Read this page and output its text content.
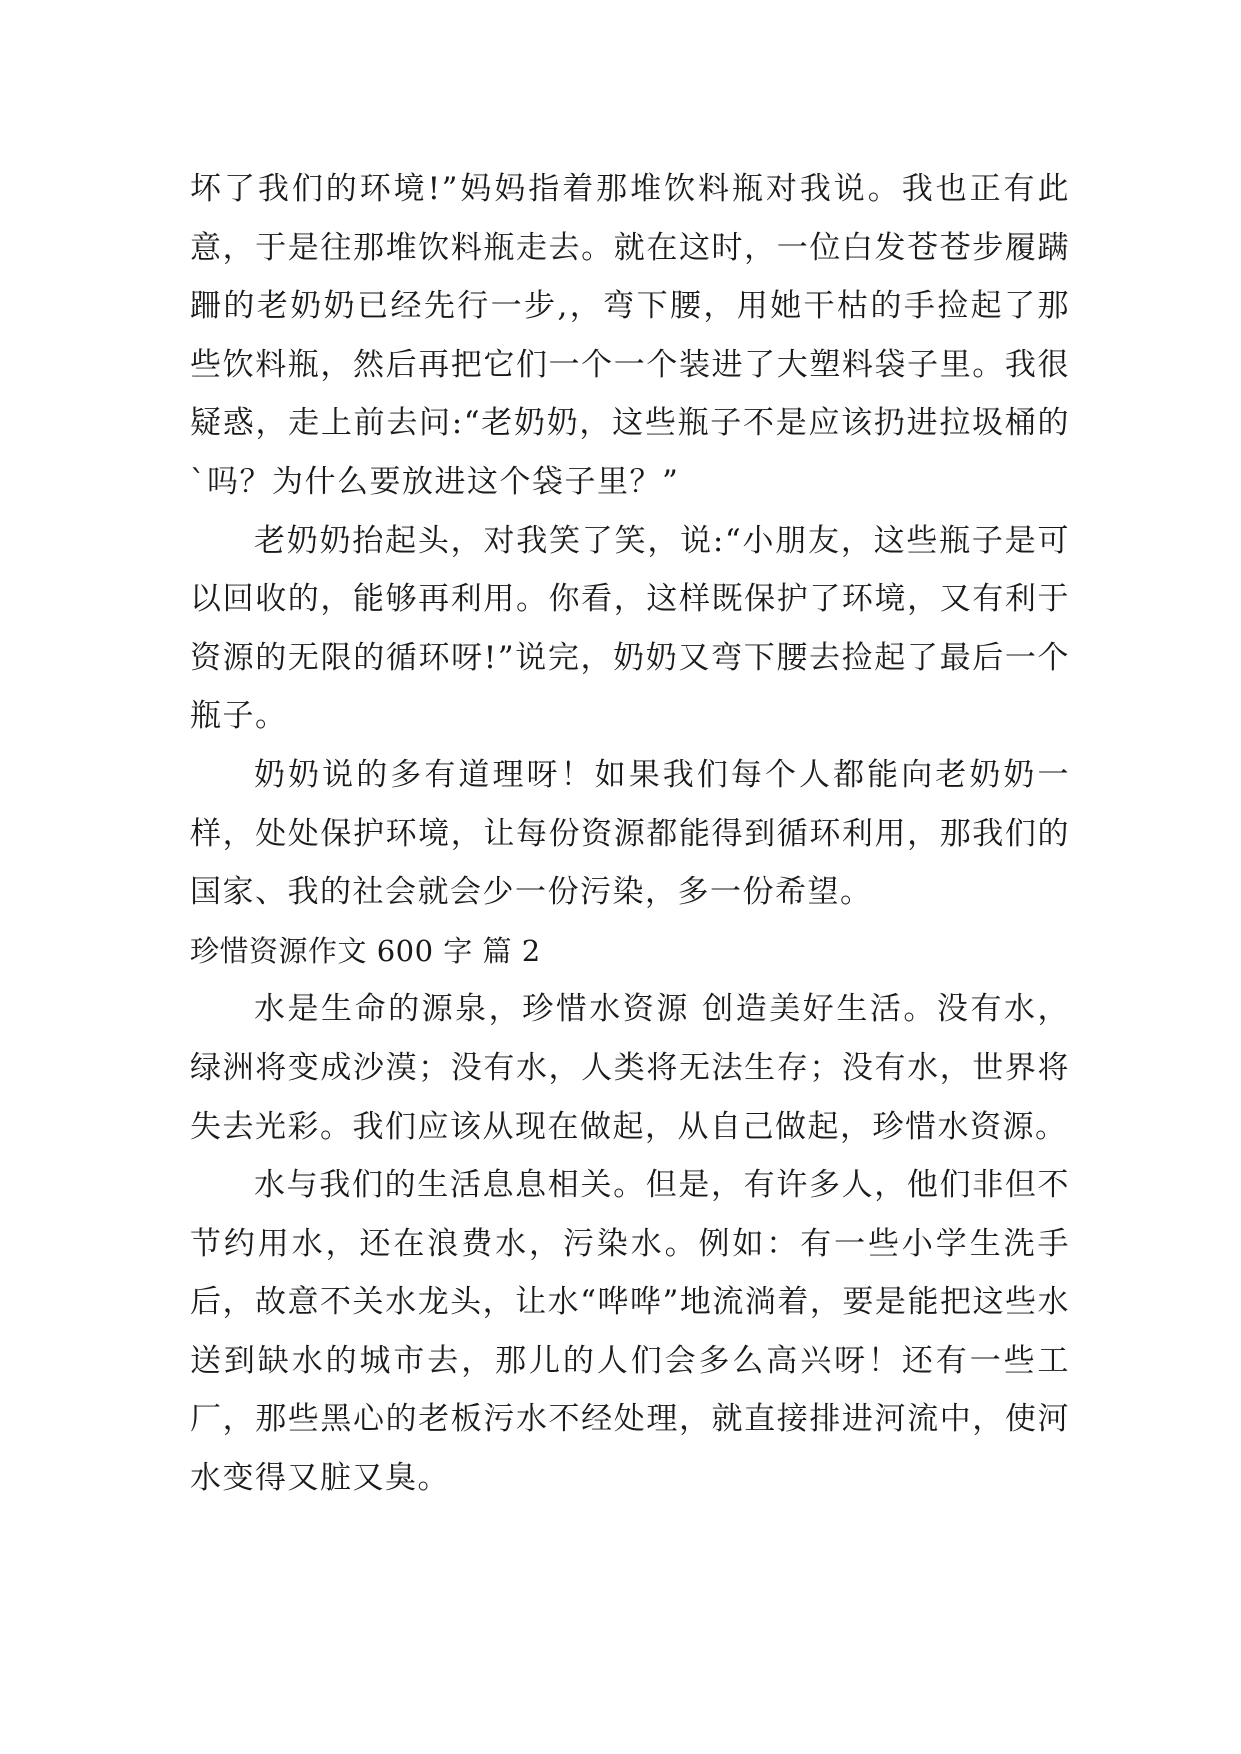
坏了我们的环境!”妈妈指着那堆饮料瓶对我说。我也正有此意，于是往那堆饮料瓶走去。就在这时，一位白发苍苍步履蹒跚的老奶奶已经先行一步,，弯下腰，用她干枯的手捡起了那些饮料瓶，然后再把它们一个一个装进了大塑料袋子里。我很疑惑，走上前去问:“老奶奶，这些瓶子不是应该扔进拉圾桶的`吗？为什么要放进这个袋子里？”

老奶奶抬起头，对我笑了笑，说:“小朋友，这些瓶子是可以回收的，能够再利用。你看，这样既保护了环境，又有利于资源的无限的循环呀!”说完，奶奶又弯下腰去捡起了最后一个瓶子。

奶奶说的多有道理呀！如果我们每个人都能向老奶奶一样，处处保护环境，让每份资源都能得到循环利用，那我们的国家、我的社会就会少一份污染，多一份希望。

珍惜资源作文 600 字 篇 2

水是生命的源泉，珍惜水资源 创造美好生活。没有水，绿洲将变成沙漠；没有水，人类将无法生存；没有水，世界将失去光彩。我们应该从现在做起，从自己做起，珍惜水资源。

水与我们的生活息息相关。但是，有许多人，他们非但不节约用水，还在浪费水，污染水。例如：有一些小学生洗手后，故意不关水龙头，让水“哗哗”地流淌着，要是能把这些水送到缺水的城市去，那儿的人们会多么高兴呀！还有一些工厂，那些黑心的老板污水不经处理，就直接排进河流中，使河水变得又脏又臭。
